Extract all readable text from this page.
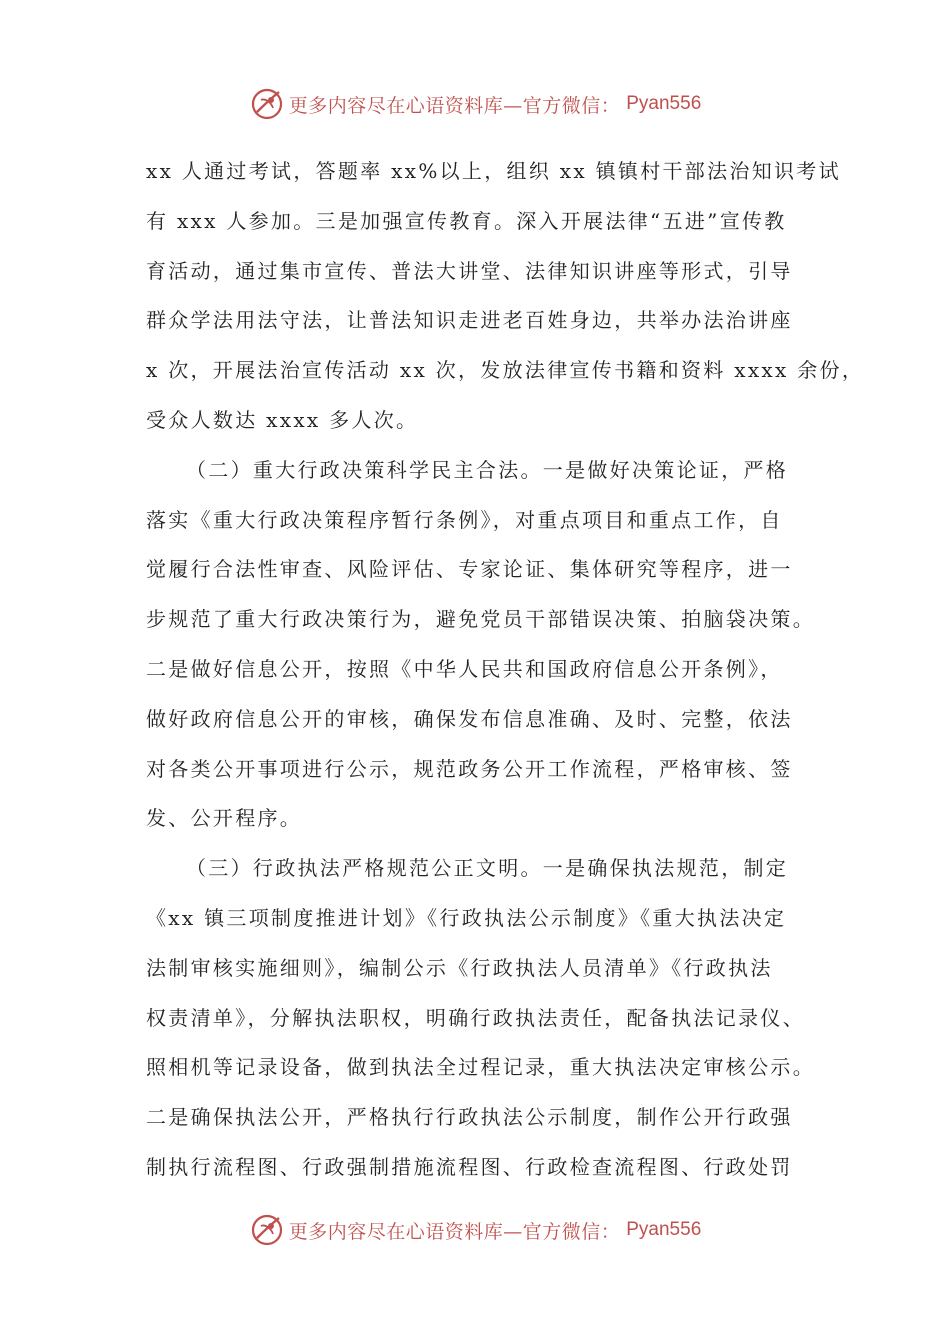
更多内容尽在心语资料库—官方微信： Pyan556
xx 人通过考试，答题率 xx%以上，组织 xx 镇镇村干部法治知识考试
有 xxx 人参加。三是加强宣传教育。深入开展法律“五进”宣传教
育活动，通过集市宣传、普法大讲堂、法律知识讲座等形式，引导
群众学法用法守法，让普法知识走进老百姓身边，共举办法治讲座
x 次，开展法治宣传活动 xx 次，发放法律宣传书籍和资料 xxxx 余份，
受众人数达 xxxx 多人次。
（二）重大行政决策科学民主合法。一是做好决策论证，严格
落实《重大行政决策程序暂行条例》，对重点项目和重点工作，自
觉履行合法性审查、风险评估、专家论证、集体研究等程序，进一
步规范了重大行政决策行为，避免党员干部错误决策、拍脑袋决策。
二是做好信息公开，按照《中华人民共和国政府信息公开条例》，
做好政府信息公开的审核，确保发布信息准确、及时、完整，依法
对各类公开事项进行公示，规范政务公开工作流程，严格审核、签
发、公开程序。
（三）行政执法严格规范公正文明。一是确保执法规范，制定
《xx 镇三项制度推进计划》《行政执法公示制度》《重大执法决定
法制审核实施细则》，编制公示《行政执法人员清单》《行政执法
权责清单》，分解执法职权，明确行政执法责任，配备执法记录仪、
照相机等记录设备，做到执法全过程记录，重大执法决定审核公示。
二是确保执法公开，严格执行行政执法公示制度，制作公开行政强
制执行流程图、行政强制措施流程图、行政检查流程图、行政处罚
更多内容尽在心语资料库—官方微信： Pyan556
